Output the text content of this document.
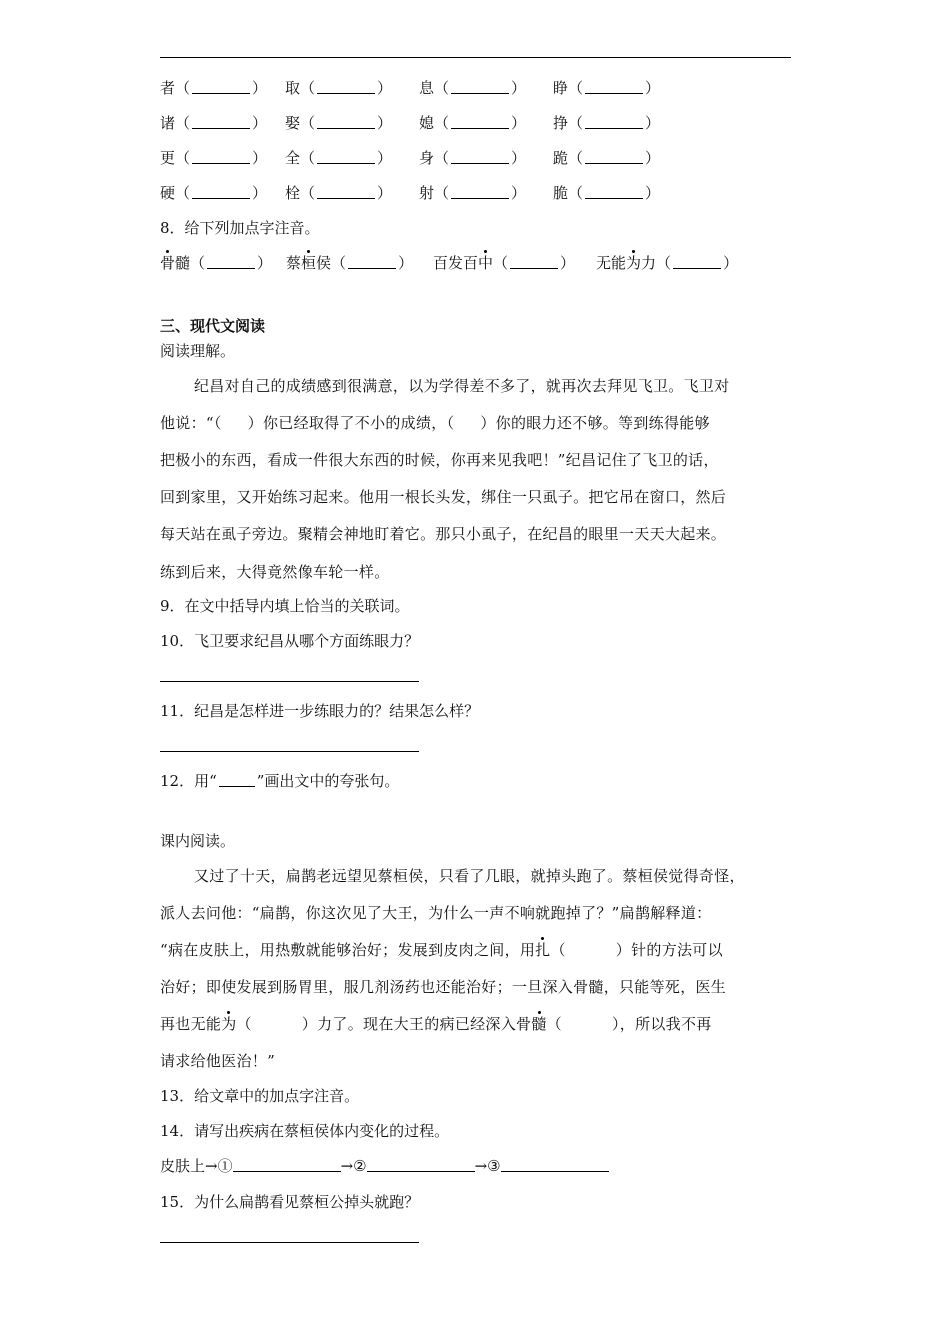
者（	） 取（	） 息（	） 睁（	）
诸（	） 娶（	） 媳（	） 挣（	）
更（	） 全（	） 身（	） 跪（	）
硬（	） 栓（	） 射（	） 脆（	）
8．给下列加点字注音。
骨髓（	） 蔡桓侯（	） 百发百中（	） 无能为力（	）
三、现代文阅读
阅读理解。
纪昌对自己的成绩感到很满意，以为学得差不多了，就再次去拜见飞卫。飞卫对
他说：“（ ）你已经取得了不小的成绩，（ ）你的眼力还不够。等到练得能够
把极小的东西，看成一件很大东西的时候，你再来见我吧！”纪昌记住了飞卫的话，
回到家里，又开始练习起来。他用一根长头发，绑住一只虱子。把它吊在窗口，然后
每天站在虱子旁边。聚精会神地盯着它。那只小虱子，在纪昌的眼里一天天大起来。
练到后来，大得竟然像车轮一样。
9．在文中括导内填上恰当的关联词。
10．飞卫要求纪昌从哪个方面练眼力？
11．纪昌是怎样进一步练眼力的？结果怎么样？
12．用“	”画出文中的夸张句。
课内阅读。
又过了十天，扁鹊老远望见蔡桓侯，只看了几眼，就掉头跑了。蔡桓侯觉得奇怪，
派人去问他：“扁鹊，你这次见了大王，为什么一声不响就跑掉了？”扁鹊解释道：
“病在皮肤上，用热敷就能够治好；发展到皮肉之间，用扎（	）针的方法可以
治好；即使发展到肠胃里，服几剂汤药也还能治好；一旦深入骨髓，只能等死，医生
再也无能为（	）力了。现在大王的病已经深入骨髓（	），所以我不再
请求给他医治！”
13．给文章中的加点字注音。
14．请写出疾病在蔡桓侯体内变化的过程。
皮肤上→①	→②	→③
15．为什么扁鹊看见蔡桓公掉头就跑？
